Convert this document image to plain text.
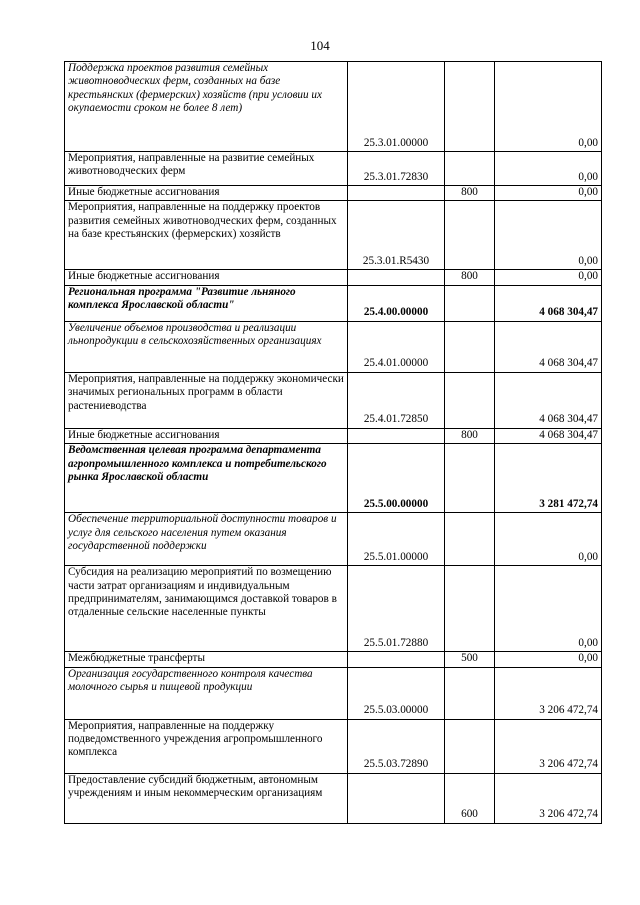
104
Поддержка проектов развития семейных животноводческих ферм, созданных на базе крестьянских (фермерских) хозяйств (при условии их окупаемости сроком не более 8 лет)	25.3.01.00000		0,00
Мероприятия, направленные на развитие семейных животноводческих ферм	25.3.01.72830		0,00
Иные бюджетные ассигнования		800	0,00
Мероприятия, направленные на поддержку проектов развития семейных животноводческих ферм, созданных на базе крестьянских (фермерских) хозяйств	25.3.01.R5430		0,00
Иные бюджетные ассигнования		800	0,00
Региональная программа "Развитие льняного комплекса Ярославской области"	25.4.00.00000		4 068 304,47
Увеличение объемов производства и реализации льнопродукции в сельскохозяйственных организациях	25.4.01.00000		4 068 304,47
Мероприятия, направленные на поддержку экономически значимых региональных программ в области растениеводства	25.4.01.72850		4 068 304,47
Иные бюджетные ассигнования		800	4 068 304,47
Ведомственная целевая программа департамента агропромышленного комплекса и потребительского рынка Ярославской области	25.5.00.00000		3 281 472,74
Обеспечение территориальной доступности товаров и услуг для сельского населения путем оказания государственной поддержки	25.5.01.00000		0,00
Субсидия на реализацию мероприятий по возмещению части затрат организациям и индивидуальным предпринимателям, занимающимся доставкой товаров в отдаленные сельские населенные пункты	25.5.01.72880		0,00
Межбюджетные трансферты		500	0,00
Организация государственного контроля качества молочного сырья и пищевой продукции	25.5.03.00000		3 206 472,74
Мероприятия, направленные на поддержку подведомственного учреждения агропромышленного комплекса	25.5.03.72890		3 206 472,74
Предоставление субсидий бюджетным, автономным учреждениям и иным некоммерческим организациям		600	3 206 472,74
